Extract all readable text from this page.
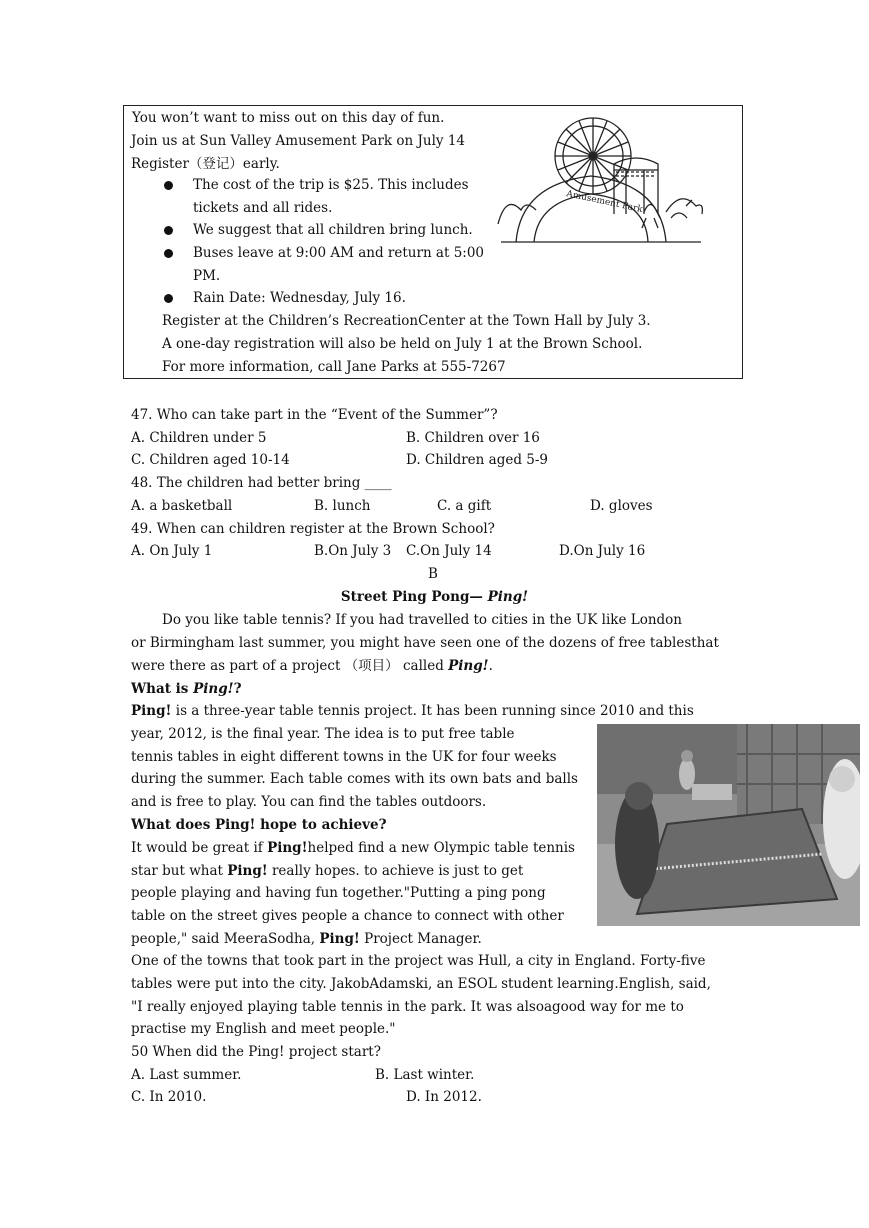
You won’t want to miss out on this day of fun.
Join us at Sun Valley Amusement Park on July 14
Register（登记）early.
The cost of the trip is $25. This includes
tickets and all rides.
We suggest that all children bring lunch.
Buses leave at 9:00 AM and return at 5:00
PM.
Rain Date: Wednesday, July 16.
Register at the Children’s RecreationCenter at the Town Hall by July 3.
A one-day registration will also be held on July 1 at the Brown School.
For more information, call Jane Parks at 555-7267
Amusement Park
47. Who can take part in the “Event of the Summer”?
A. Children under 5	B. Children over 16
C. Children aged 10-14	D. Children aged 5-9
48. The children had better bring ____
A. a basketball	B. lunch	C. a gift	D. gloves
49. When can children register at the Brown School?
A. On July 1	B.On July 3 C.On July 14	D.On July 16
B
Street Ping Pong— Ping!
Do you like table tennis? If you had travelled to cities in the UK like London
or Birmingham last summer, you might have seen one of the dozens of free tablesthat
were there as part of a project （项目） called Ping!.
What is Ping!?
Ping! is a three-year table tennis project. It has been running since 2010 and this
year, 2012, is the final year. The idea is to put free table
tennis tables in eight different towns in the UK for four weeks
during the summer. Each table comes with its own bats and balls
and is free to play. You can find the tables outdoors.
What does Ping! hope to achieve?
It would be great if Ping!helped find a new Olympic table tennis
star but what Ping! really hopes. to achieve is just to get
people playing and having fun together."Putting a ping pong
table on the street gives people a chance to connect with other
people," said MeeraSodha, Ping! Project Manager.
One of the towns that took part in the project was Hull, a city in England. Forty-five
tables were put into the city. JakobAdamski, an ESOL student learning.English, said,
"I really enjoyed playing table tennis in the park. It was alsoagood way for me to
practise my English and meet people."
50 When did the Ping! project start?
A. Last summer.	B. Last winter.
C. In 2010.	D. In 2012.
